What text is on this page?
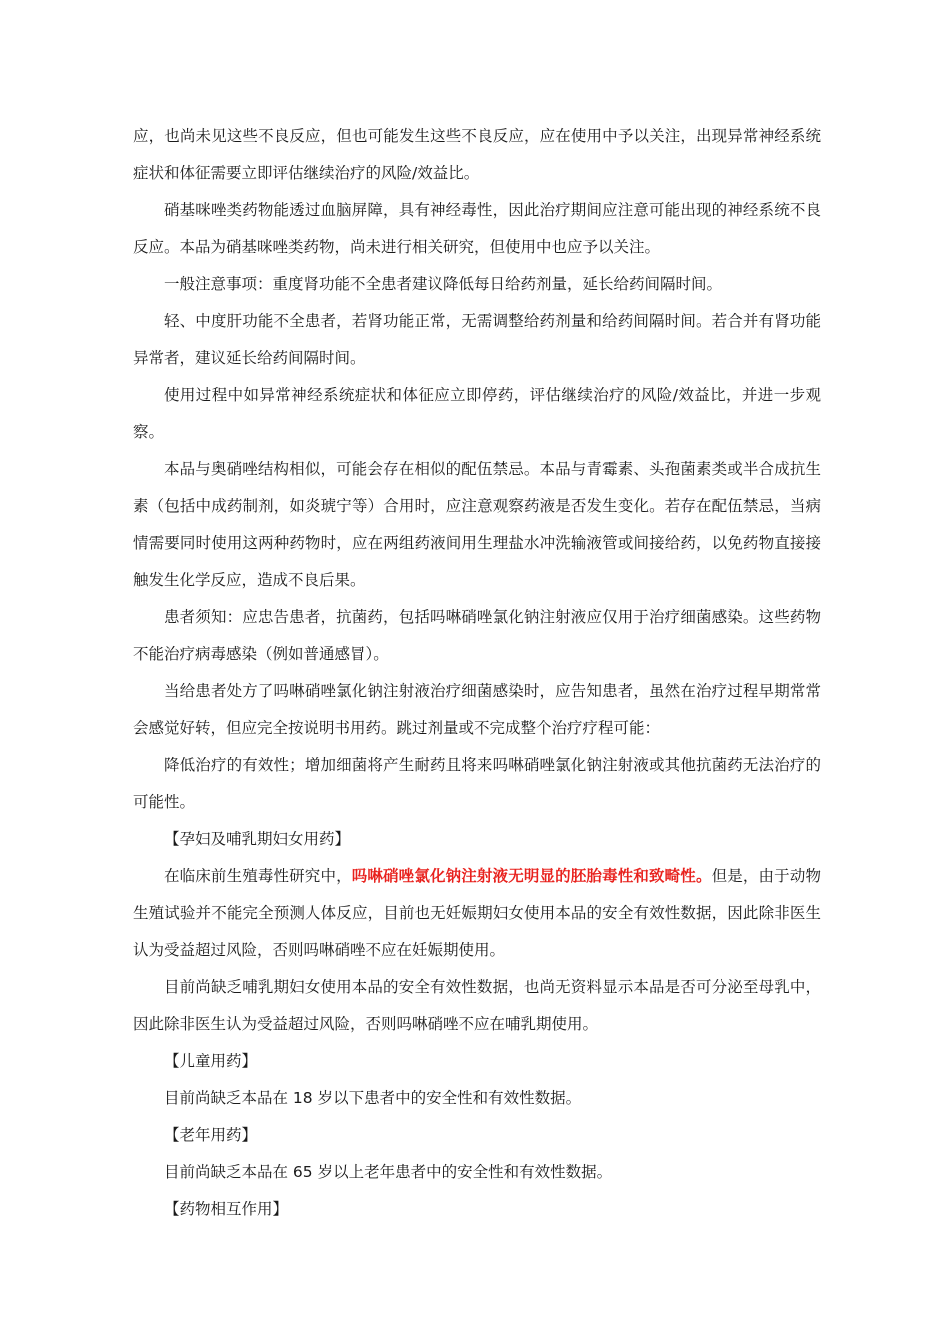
应，也尚未见这些不良反应，但也可能发生这些不良反应，应在使用中予以关注，出现异常神经系统症状和体征需要立即评估继续治疗的风险/效益比。

硝基咪唑类药物能透过血脑屏障，具有神经毒性，因此治疗期间应注意可能出现的神经系统不良反应。本品为硝基咪唑类药物，尚未进行相关研究，但使用中也应予以关注。

一般注意事项：重度肾功能不全患者建议降低每日给药剂量，延长给药间隔时间。

轻、中度肝功能不全患者，若肾功能正常，无需调整给药剂量和给药间隔时间。若合并有肾功能异常者，建议延长给药间隔时间。

使用过程中如异常神经系统症状和体征应立即停药，评估继续治疗的风险/效益比，并进一步观察。

本品与奥硝唑结构相似，可能会存在相似的配伍禁忌。本品与青霉素、头孢菌素类或半合成抗生素（包括中成药制剂，如炎琥宁等）合用时，应注意观察药液是否发生变化。若存在配伍禁忌，当病情需要同时使用这两种药物时，应在两组药液间用生理盐水冲洗输液管或间接给药，以免药物直接接触发生化学反应，造成不良后果。

患者须知：应忠告患者，抗菌药，包括吗啉硝唑氯化钠注射液应仅用于治疗细菌感染。这些药物不能治疗病毒感染（例如普通感冒）。

当给患者处方了吗啉硝唑氯化钠注射液治疗细菌感染时，应告知患者，虽然在治疗过程早期常常会感觉好转，但应完全按说明书用药。跳过剂量或不完成整个治疗疗程可能：

降低治疗的有效性；增加细菌将产生耐药且将来吗啉硝唑氯化钠注射液或其他抗菌药无法治疗的可能性。

【孕妇及哺乳期妇女用药】

在临床前生殖毒性研究中，吗啉硝唑氯化钠注射液无明显的胚胎毒性和致畸性。但是，由于动物生殖试验并不能完全预测人体反应，目前也无妊娠期妇女使用本品的安全有效性数据，因此除非医生认为受益超过风险，否则吗啉硝唑不应在妊娠期使用。

目前尚缺乏哺乳期妇女使用本品的安全有效性数据，也尚无资料显示本品是否可分泌至母乳中，因此除非医生认为受益超过风险，否则吗啉硝唑不应在哺乳期使用。

【儿童用药】

目前尚缺乏本品在 18 岁以下患者中的安全性和有效性数据。

【老年用药】

目前尚缺乏本品在 65 岁以上老年患者中的安全性和有效性数据。

【药物相互作用】
